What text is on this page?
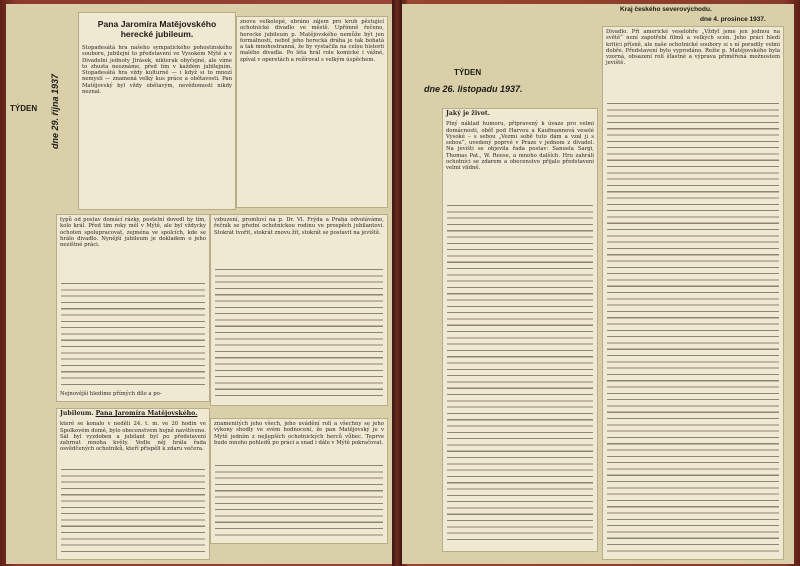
TÝDEN dne 29. října 1937
Pana Jaromíra Matějovského herecké jubileum.
Stopadesátá hra našeho sympatického pohostinského souboru, jubilejní to představení ve Vysokém Mýtě a v Divadelní jednoty Jirásek, nikterak obyčejné, ale víme to zhusta neoznáme, před tím v každém jubilejním. Stopadesátá hra vždy kulturně — i když si to mnozí nemyslí — znamená velký kus práce a obětavosti. Pan Matějovský byl vždy obětavým, nevědomosti nikdy neznal.
znovu velkolepé, ubráno zájem pro kruh pěstující ochotnické divadlo ve městě. Upřímně řečeno, herecké jubileum p. Matějovského nemůže být jen formálností, neboť jeho herecká dráha je tak bohatá a tak mnohostranná, že by vystačila na celou historii malého divadla. Po léta hrál role komické i vážné, zpíval v operetách a režíroval s velkým úspěchem.
typů od postav domácí rázky, postelní dovedl hy tím, kolo král. Před tím roky měl v Mýtě, ale byl vždycky ochoten spolupracovat, zejména ve spolcích, kde se hrálo divadlo. Nynější jubileum je dokladem o jeho nezištné práci.
Nejnovější hledíme přímých dílo a po-
vzbuzení, promluví na p. Dr. Vl. Frýda a Praha odvoláváme, řečník se přední ochotnickou rodinu ve prospěch jubilantovi. Stokrát tvořit, stokrát znovu žít, stokrát se postavit na jeviště.
Jubileum. Pana Jaromíra Matějovského.
které se konalo v neděli 24. t. m. ve 20 hodin ve Spolkovém domě, bylo obecenstvem hojně navštíveno. Sál byl vyzdoben a jubilant byl po představení zahrnut mnoha květy. Vedle něj hrála řada osvědčených ochotníků, kteří přispěli k zdaru večera.
znamenitých jeho všech, jeho uvádění rolí a všechny se jeho výkony shodly ve svém hodnocení, že pan Matějovský je v Mýtě jedním z nejlepších ochotnických herců vůbec. Teprve bude mnoho pohledů po práci a snad i dále v Mýtě pokračovat.
Kraj českého severovýchodu.
dne 4. prosince 1937.
TÝDEN
dne 26. listopadu 1937.
Jaký je život.
Plný náklad humoru, připravený k úvaze pro velmi domácnosti, oběť pod Harvou a Kaufmannová veselé Vysoké – s sebou „Vezmi sobě tuto dám a vzal ji s sebou“, uvedený poprvé v Praze v jednom z divadel. Na jevišti se objevila řada postav: Sanuela Sargi, Thomas Pat., W. Reese, a mnoho dalších. Hru zahráli ochotníci se zdarem a obecenstvo přijalo představení velmi vlídně.
Divadlo. Při americké veselohře „Vždyť jsme jen jednou na světě“ není zapotřebí filmů a velkých scén. Jeho práci hledí kritici přísně, ale naše ochotnické soubory si s ní poradily velmi dobře. Představení bylo vyprodáno. Režie p. Matějovského byla vzorná, obsazení rolí šťastné a výprava přiměřená možnostem jeviště.
